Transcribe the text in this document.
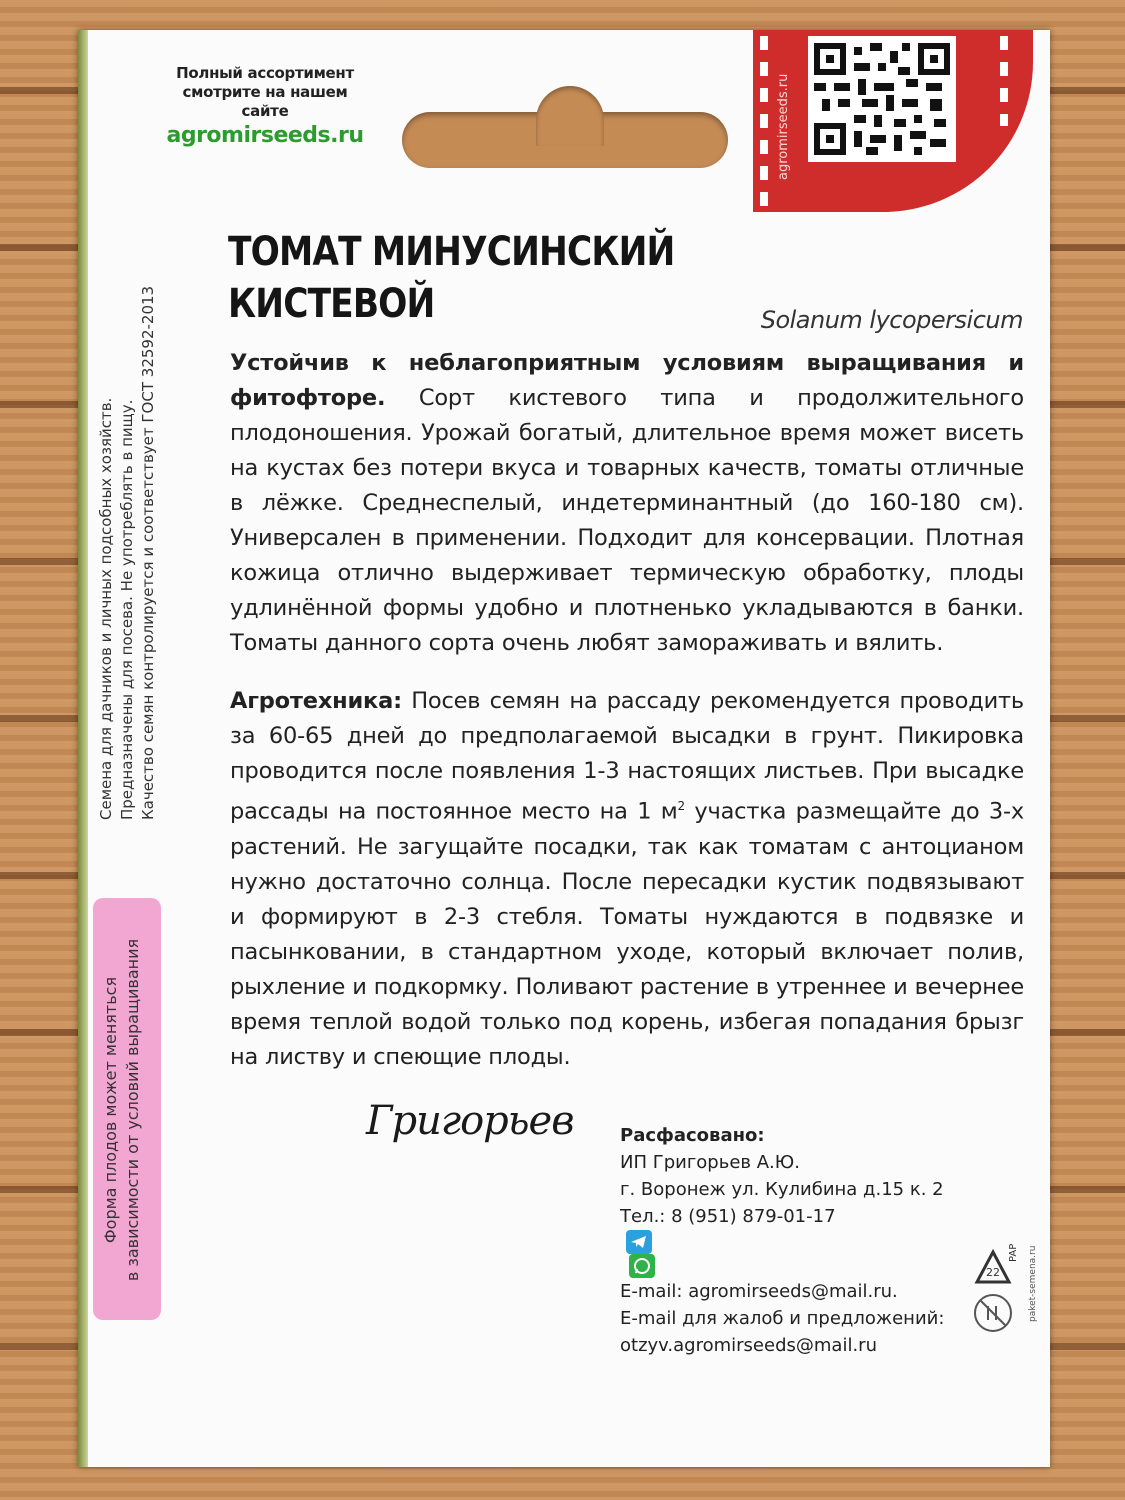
Полный ассортимент
смотрите на нашем сайте
agromirseeds.ru	agromirseeds.ru
ТОМАТ МИНУСИНСКИЙ
КИСТЕВОЙ	Solanum lycopersicum
Устойчив к неблагоприятным условиям выращивания и фитофторе. Сорт кистевого типа и продолжительного плодоношения. Урожай богатый, длительное время может висеть на кустах без потери вкуса и товарных качеств, томаты отличные в лёжке. Среднеспелый, индетерминантный (до 160-180 см). Универсален в применении. Подходит для консервации. Плотная кожица отлично выдерживает термическую обработку, плоды удлинённой формы удобно и плотненько укладываются в банки. Томаты данного сорта очень любят замораживать и вялить.
Агротехника: Посев семян на рассаду рекомендуется проводить за 60-65 дней до предполагаемой высадки в грунт. Пикировка проводится после появления 1-3 настоящих листьев. При высадке рассады на постоянное место на 1 $м^2$ участка размещайте до 3-х растений. Не загущайте посадки, так как томатам с антоцианом нужно достаточно солнца. После пересадки кустик подвязывают и формируют в 2-3 стебля. Томаты нуждаются в подвязке и пасынковании, в стандартном уходе, который включает полив, рыхление и подкормку. Поливают растение в утреннее и вечернее время теплой водой только под корень, избегая попадания брызг на листву и спеющие плоды.
Семена для дачников и личных подсобных хозяйств. Предназначены для посева. Не употреблять в пищу. Качество семян контролируется и соответствует ГОСТ 32592-2013
Форма плодов может меняться в зависимости от условий выращивания	Григорьев	Расфасовано:
ИП Григорьев А.Ю.
г. Воронеж ул. Кулибина д.15 к. 2
Тел.: 8 (951) 879-01-17
E-mail: agromirseeds@mail.ru.
E-mail для жалоб и предложений:
otzyv.agromirseeds@mail.ru
22
PAP paket-semena.ru
